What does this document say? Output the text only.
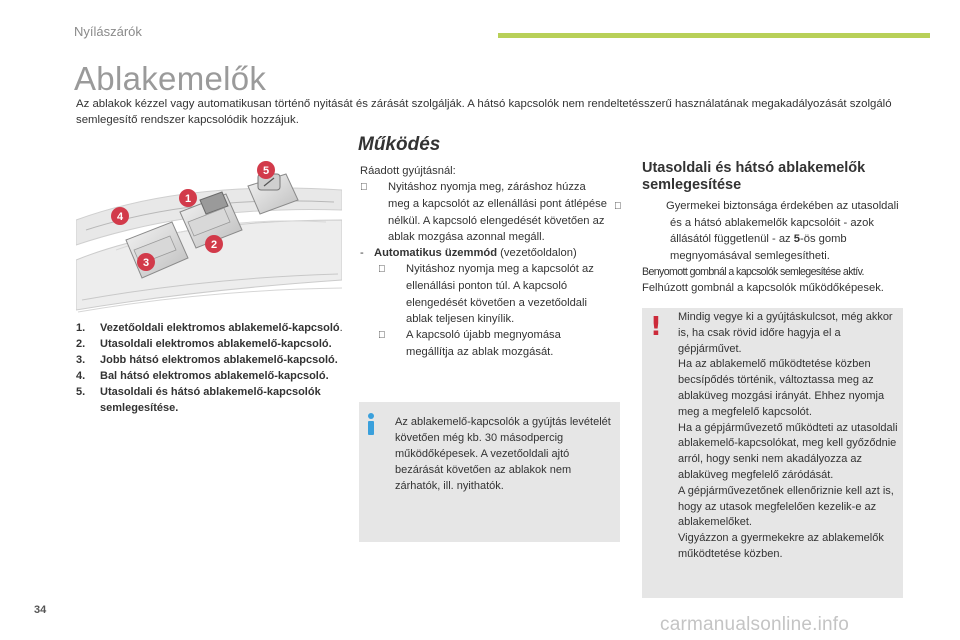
Nyílászárók
Ablakemelők
Az ablakok kézzel vagy automatikusan történő nyitását és zárását szolgálják. A hátsó kapcsolók nem rendeltetésszerű használatának megakadályozását szolgáló semlegesítő rendszer kapcsolódik hozzájuk.
1
2
3
4
5
1. Vezetőoldali elektromos ablakemelő-kapcsoló.
2. Utasoldali elektromos ablakemelő-kapcsoló.
3. Jobb hátsó elektromos ablakemelő-kapcsoló.
4. Bal hátsó elektromos ablakemelő-kapcsoló.
5. Utasoldali és hátsó ablakemelő-kapcsolók semlegesítése.
Működés

Ráadott gyújtásnál:

Nyitáshoz nyomja meg, záráshoz húzza meg a kapcsolót az ellenállási pont átlépése nélkül. A kapcsoló elengedését követően az ablak mozgása azonnal megáll.

- Automatikus üzemmód (vezetőoldalon)

Nyitáshoz nyomja meg a kapcsolót az ellenállási ponton túl. A kapcsoló elengedését követően a vezetőoldali ablak teljesen kinyílik.

A kapcsoló újabb megnyomása megállítja az ablak mozgását.

Az ablakemelő-kapcsolók a gyújtás levételét követően még kb. 30 másodpercig működőképesek. A vezetőoldali ajtó bezárását követően az ablakok nem zárhatók, ill. nyithatók.
Utasoldali és hátsó ablakemelők semlegesítése

Gyermekei biztonsága érdekében az utasoldali és a hátsó ablakemelők kapcsolóit - azok állásától függetlenül - az 5-ös gomb megnyomásával semlegesítheti.

Benyomott gombnál a kapcsolók semlegesítése aktív.

Felhúzott gombnál a kapcsolók működőképesek.

! Mindig vegye ki a gyújtáskulcsot, még akkor is, ha csak rövid időre hagyja el a gépjárművet.
Ha az ablakemelő működtetése közben becsípődés történik, változtassa meg az ablaküveg mozgási irányát. Ehhez nyomja meg a megfelelő kapcsolót.
Ha a gépjárművezető működteti az utasoldali ablakemelő-kapcsolókat, meg kell győződnie arról, hogy senki nem akadályozza az ablaküveg megfelelő záródását.
A gépjárművezetőnek ellenőriznie kell azt is, hogy az utasok megfelelően kezelik-e az ablakemelőket.
Vigyázzon a gyermekekre az ablakemelők működtetése közben.
34
carmanualsonline.info
